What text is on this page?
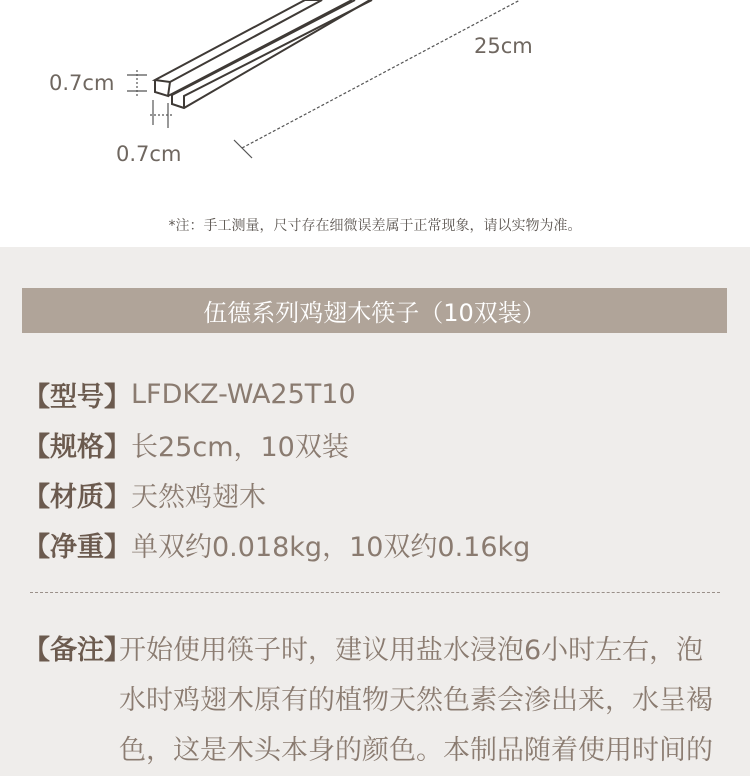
25cm
0.7cm
0.7cm
*注：手工测量，尺寸存在细微误差属于正常现象，请以实物为准。
伍德系列鸡翅木筷子（10双装）
【型号】 LFDKZ-WA25T10
【规格】 长25cm，10双装
【材质】 天然鸡翅木
【净重】 单双约0.018kg，10双约0.16kg
【备注】
开始使用筷子时，建议用盐水浸泡6小时左右，泡
水时鸡翅木原有的植物天然色素会渗出来，水呈褐
色，这是木头本身的颜色。本制品随着使用时间的
